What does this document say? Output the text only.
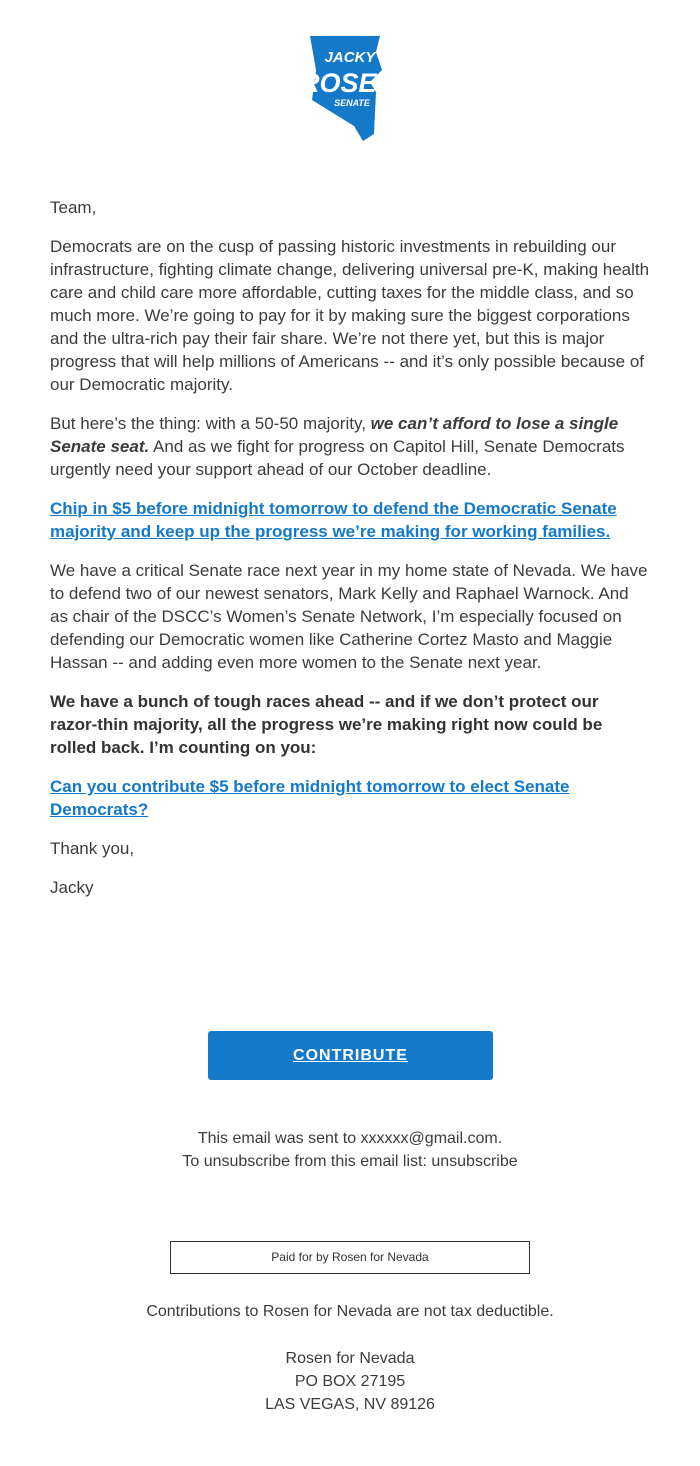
JACKY
ROSEN
SENATE

Team,

Democrats are on the cusp of passing historic investments in rebuilding our infrastructure, fighting climate change, delivering universal pre-K, making health care and child care more affordable, cutting taxes for the middle class, and so much more. We’re going to pay for it by making sure the biggest corporations and the ultra-rich pay their fair share. We’re not there yet, but this is major progress that will help millions of Americans -- and it’s only possible because of our Democratic majority.

But here’s the thing: with a 50-50 majority, we can’t afford to lose a single Senate seat. And as we fight for progress on Capitol Hill, Senate Democrats urgently need your support ahead of our October deadline.

Chip in $5 before midnight tomorrow to defend the Democratic Senate majority and keep up the progress we’re making for working families.

We have a critical Senate race next year in my home state of Nevada. We have to defend two of our newest senators, Mark Kelly and Raphael Warnock. And as chair of the DSCC’s Women’s Senate Network, I’m especially focused on defending our Democratic women like Catherine Cortez Masto and Maggie Hassan -- and adding even more women to the Senate next year.

We have a bunch of tough races ahead -- and if we don’t protect our razor-thin majority, all the progress we’re making right now could be rolled back. I’m counting on you:

Can you contribute $5 before midnight tomorrow to elect Senate Democrats?

Thank you,

Jacky

CONTRIBUTE
This email was sent to xxxxxx@gmail.com.
To unsubscribe from this email list: unsubscribe
Paid for by Rosen for Nevada
Contributions to Rosen for Nevada are not tax deductible.
Rosen for Nevada
PO BOX 27195
LAS VEGAS, NV 89126
